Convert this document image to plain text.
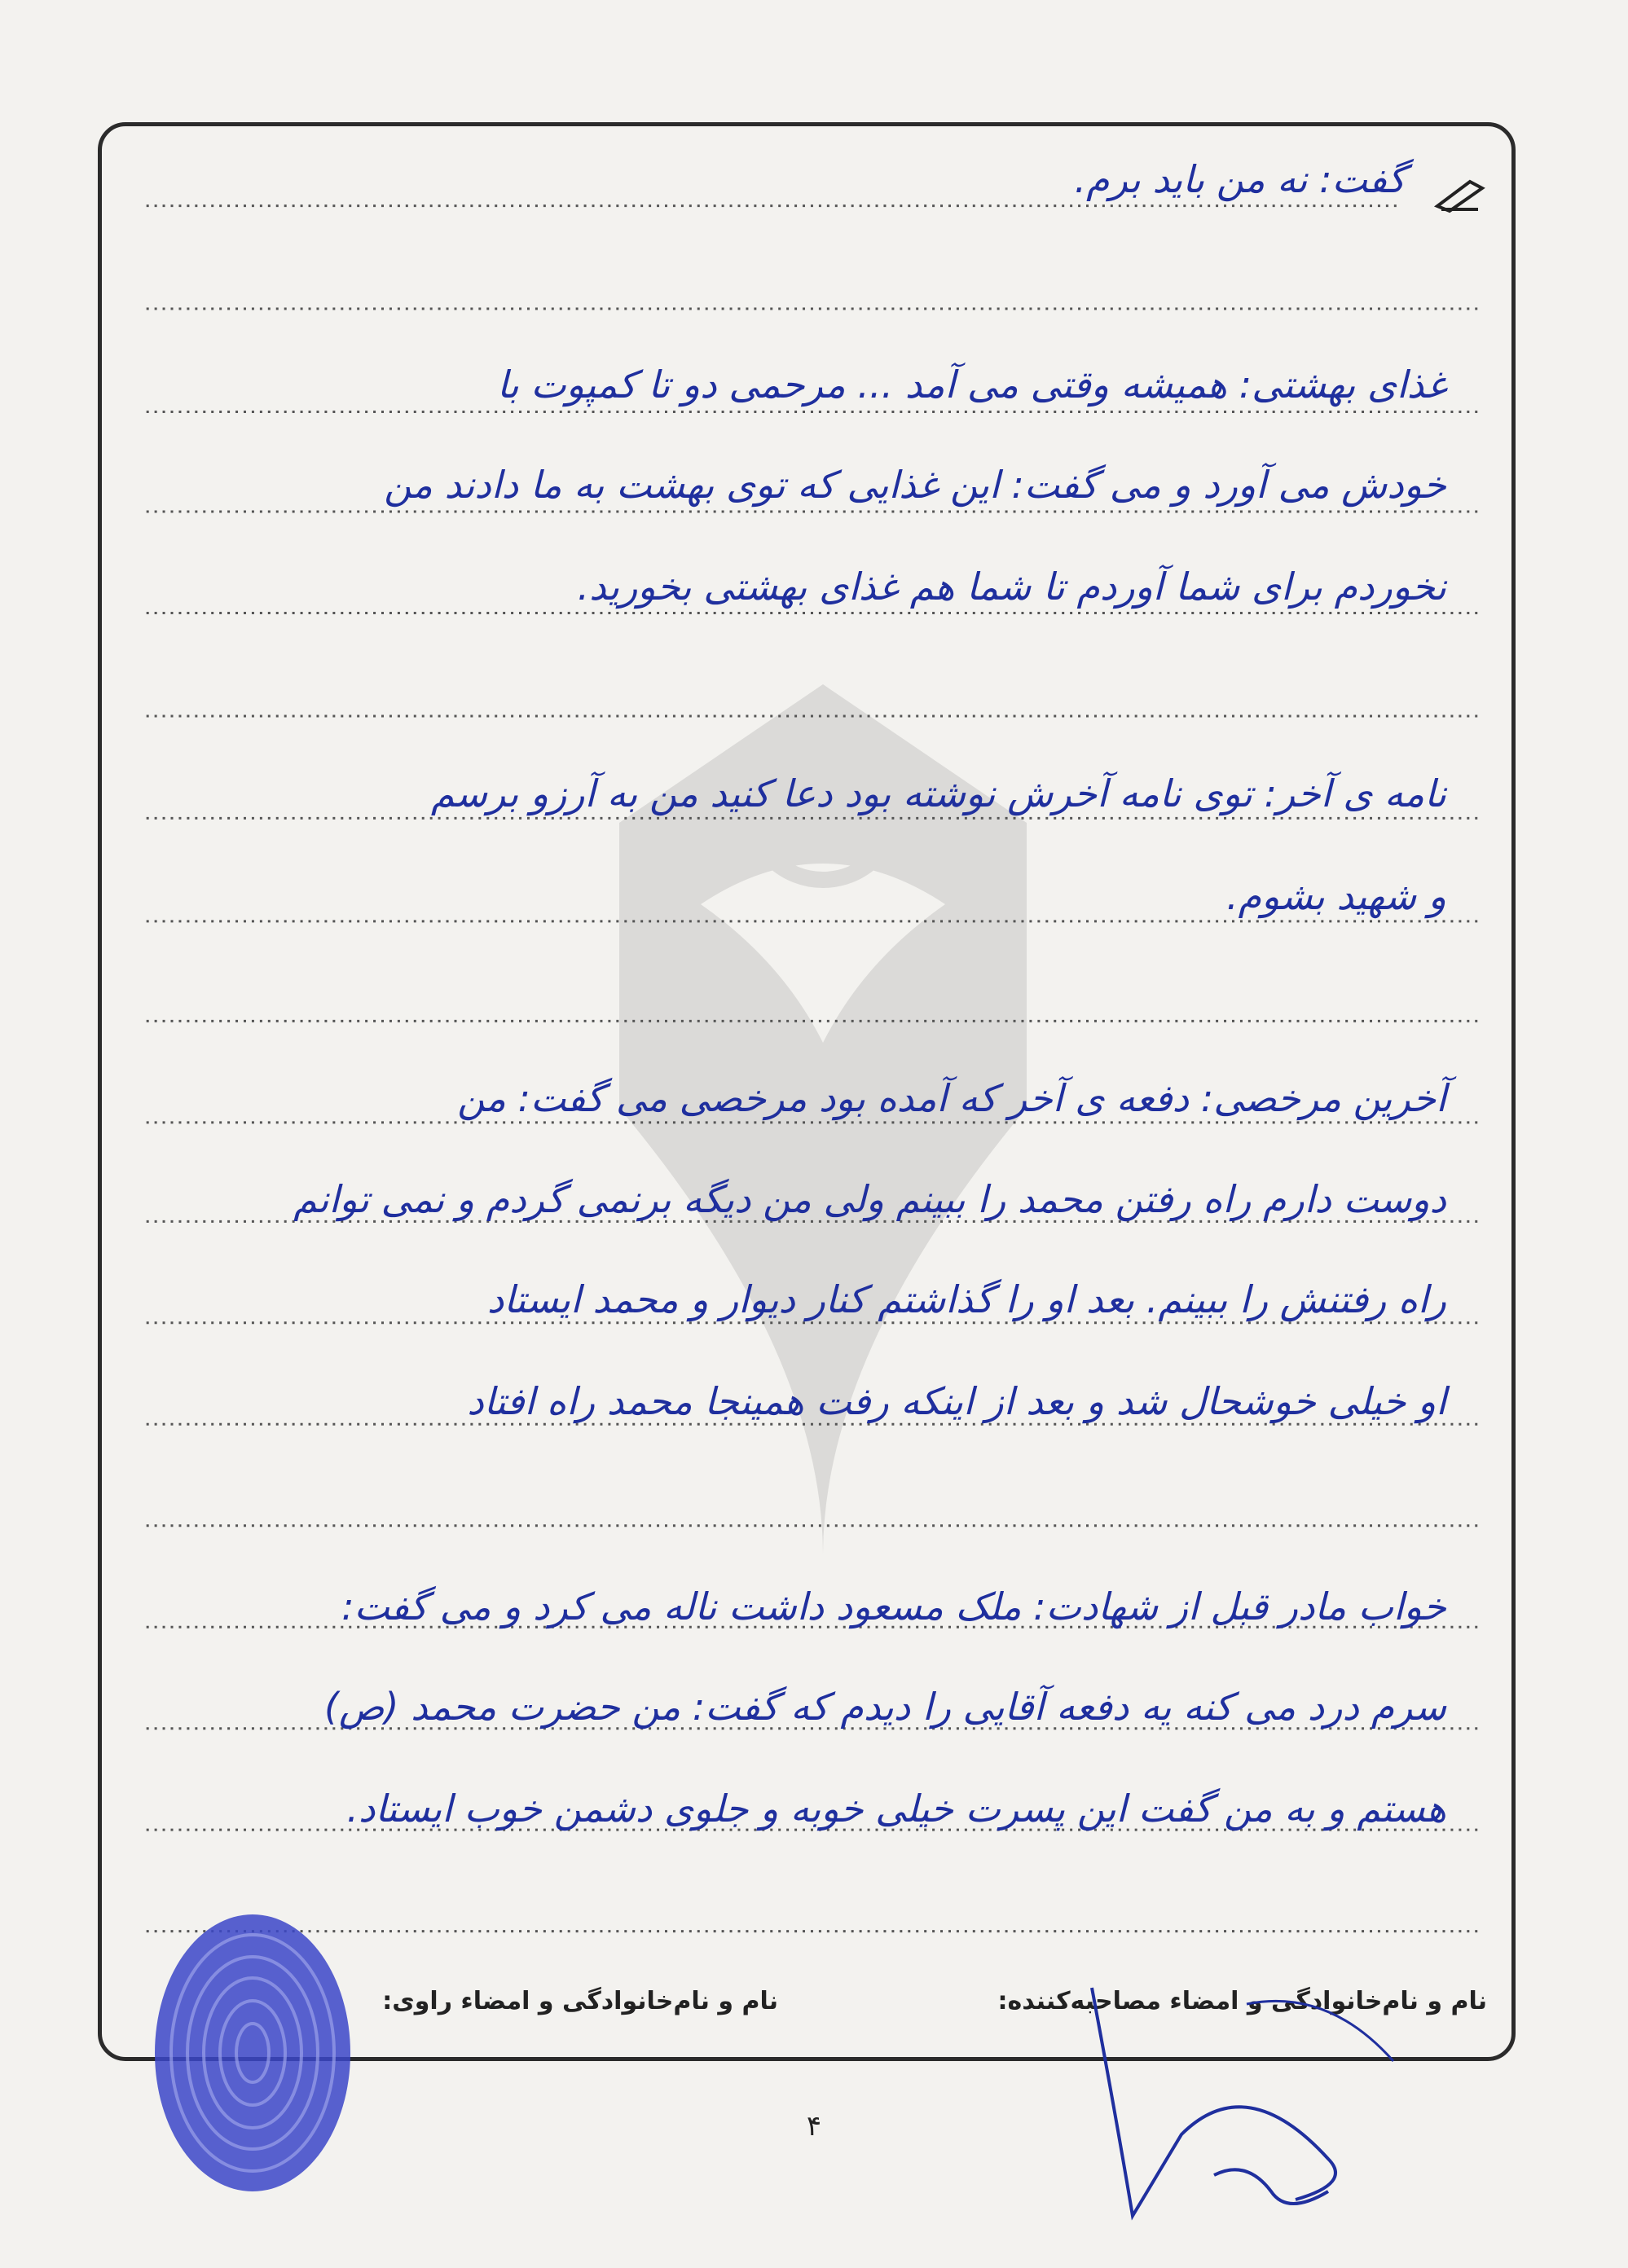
گفت: نه من باید برم.
غذای بهشتی: همیشه وقتی می آمد ... مرحمی دو تا کمپوت با
خودش می آورد و می گفت: این غذایی که توی بهشت به ما دادند من
نخوردم برای شما آوردم تا شما هم غذای بهشتی بخورید.
نامه ی آخر: توی نامه آخرش نوشته بود دعا کنید من به آرزو برسم
و شهید بشوم.
آخرین مرخصی: دفعه ی آخر که آمده بود مرخصی می گفت: من
دوست دارم راه رفتن محمد را ببینم ولی من دیگه برنمی گردم و نمی توانم
راه رفتنش را ببینم. بعد او را گذاشتم کنار دیوار و محمد ایستاد
او خیلی خوشحال شد و بعد از اینکه رفت همینجا محمد راه افتاد
خواب مادر قبل از شهادت: ملک مسعود داشت ناله می کرد و می گفت:
سرم درد می کنه یه دفعه آقایی را دیدم که گفت: من حضرت محمد (ص)
هستم و به من گفت این پسرت خیلی خوبه و جلوی دشمن خوب ایستاد.
نام و نام‌خانوادگی و امضاء مصاحبه‌کننده:
نام و نام‌خانوادگی و امضاء راوی:
۴
